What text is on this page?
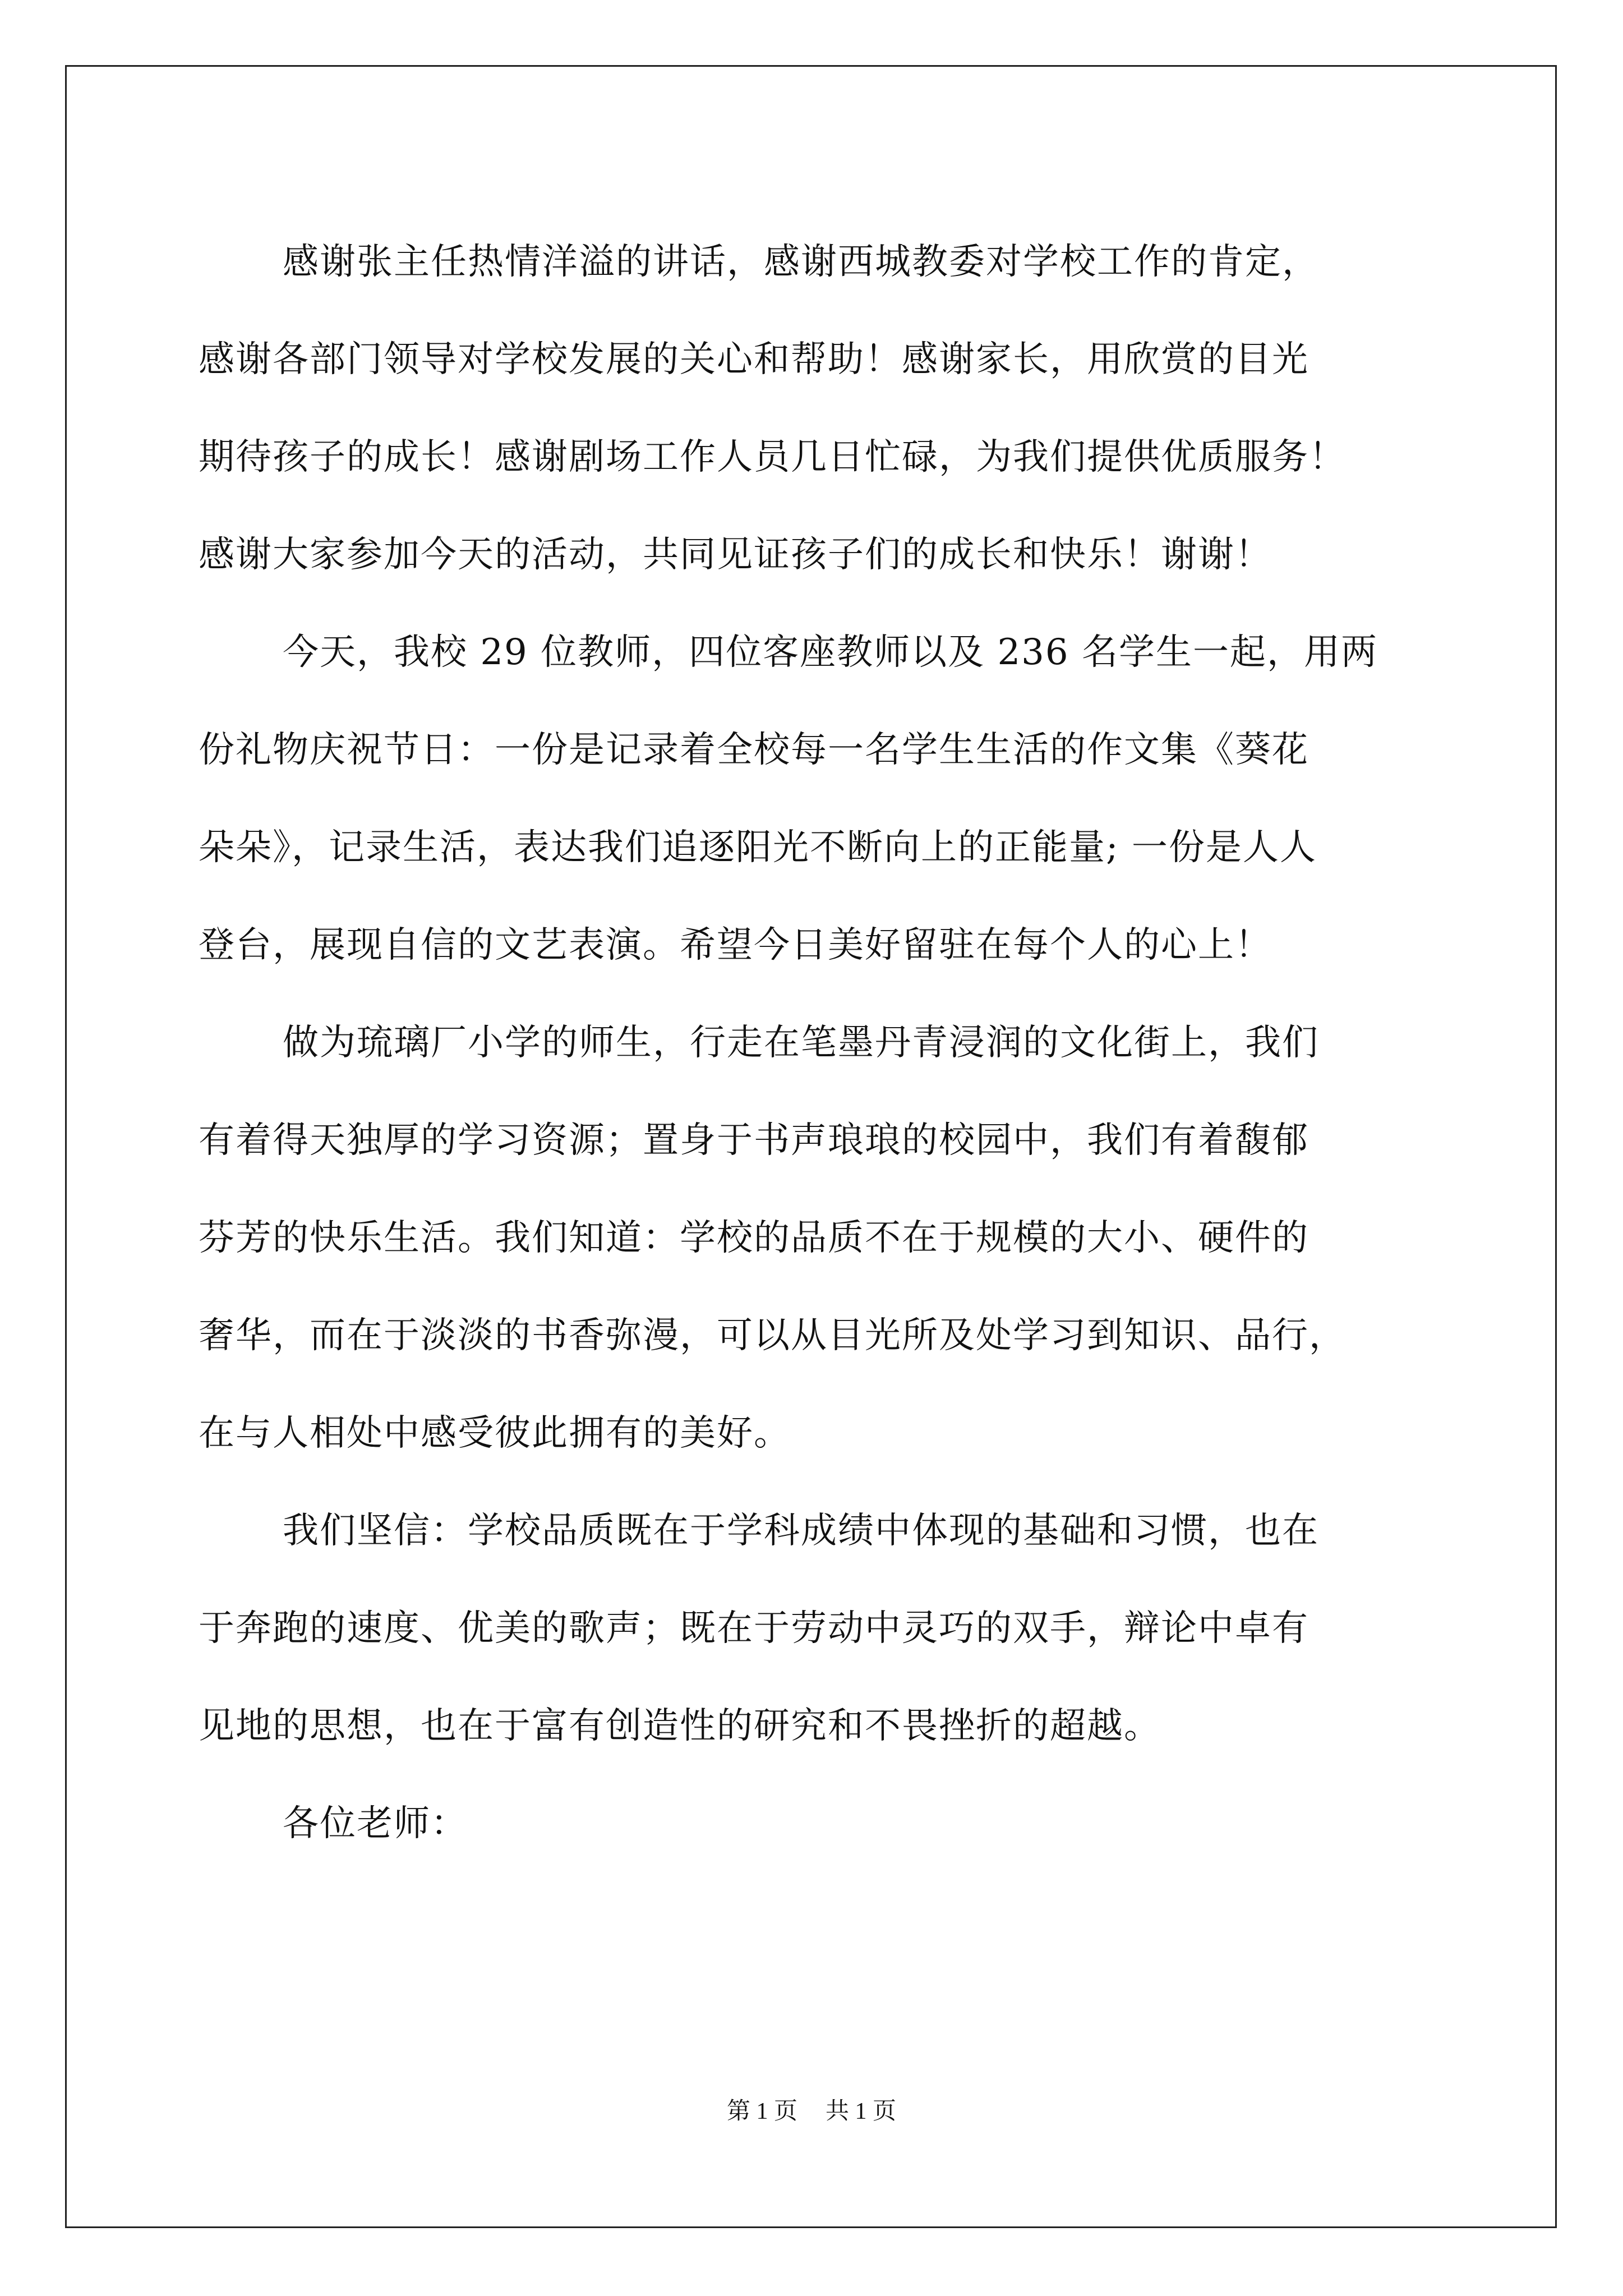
感谢张主任热情洋溢的讲话，感谢西城教委对学校工作的肯定，
感谢各部门领导对学校发展的关心和帮助！感谢家长，用欣赏的目光
期待孩子的成长！感谢剧场工作人员几日忙碌，为我们提供优质服务！
感谢大家参加今天的活动，共同见证孩子们的成长和快乐！谢谢！
今天，我校 29 位教师，四位客座教师以及 236 名学生一起，用两
份礼物庆祝节日：一份是记录着全校每一名学生生活的作文集《葵花
朵朵》，记录生活，表达我们追逐阳光不断向上的正能量; 一份是人人
登台，展现自信的文艺表演。希望今日美好留驻在每个人的心上！
做为琉璃厂小学的师生，行走在笔墨丹青浸润的文化街上，我们
有着得天独厚的学习资源；置身于书声琅琅的校园中，我们有着馥郁
芬芳的快乐生活。我们知道：学校的品质不在于规模的大小、硬件的
奢华，而在于淡淡的书香弥漫，可以从目光所及处学习到知识、品行，
在与人相处中感受彼此拥有的美好。
我们坚信：学校品质既在于学科成绩中体现的基础和习惯，也在
于奔跑的速度、优美的歌声；既在于劳动中灵巧的双手，辩论中卓有
见地的思想，也在于富有创造性的研究和不畏挫折的超越。
各位老师：
第 1 页 共 1 页
